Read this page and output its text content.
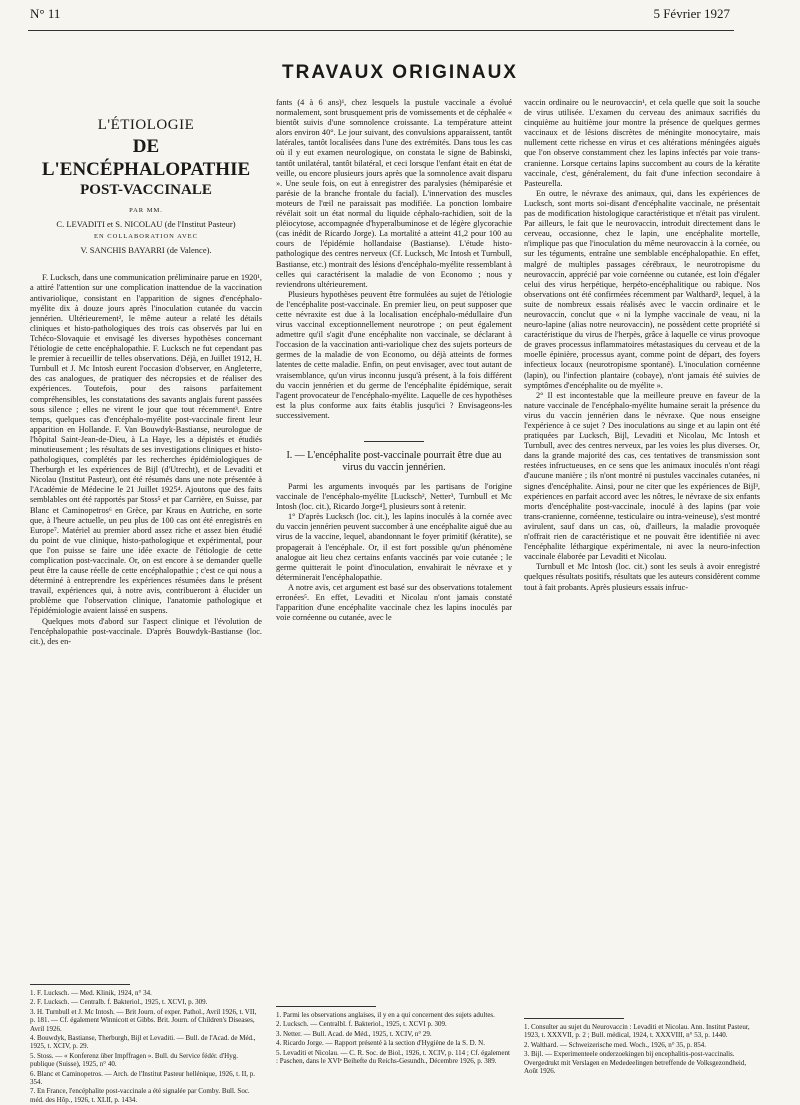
N° 11	5 Février 1927
TRAVAUX ORIGINAUX
L'ÉTIOLOGIE
DE L'ENCÉPHALOPATHIE
POST-VACCINALE
PAR MM.
C. LEVADITI et S. NICOLAU (de l'Institut Pasteur)
EN COLLABORATION AVEC
V. SANCHIS BAYARRI (de Valence).

F. Lucksch, dans une communication préliminaire parue en 1920¹, a attiré l'attention sur une complication inattendue de la vaccination antivariolique, consistant en l'apparition de signes d'encéphalo-myélite dix à douze jours après l'inoculation cutanée du vaccin jennérien. Ultérieurement², le même auteur a relaté les détails cliniques et histo-pathologiques des trois cas observés par lui en Tchéco-Slovaquie et envisagé les diverses hypothèses concernant l'étiologie de cette encéphalopathie. F. Lucksch ne fut cependant pas le premier à recueillir de telles observations. Déjà, en Juillet 1912, H. Turnbull et J. Mc Intosh eurent l'occasion d'observer, en Angleterre, des cas analogues, de pratiquer des nécropsies et de réaliser des expériences. Toutefois, pour des raisons parfaitement compréhensibles, les constatations des savants anglais furent passées sous silence ; elles ne virent le jour que tout récemment³. Entre temps, quelques cas d'encéphalo-myélite post-vaccinale firent leur apparition en Hollande. F. Van Bouwdyk-Bastianse, neurologue de l'hôpital Saint-Jean-de-Dieu, à La Haye, les a dépistés et étudiés minutieusement ; les résultats de ses investigations cliniques et histo-pathologiques, complétés par les recherches épidémiologiques de Therburgh et les expériences de Bijl (d'Utrecht), et de Levaditi et Nicolau (Institut Pasteur), ont été résumés dans une note présentée à l'Académie de Médecine le 21 Juillet 1925⁴. Ajoutons que des faits semblables ont été rapportés par Stoss⁵ et par Carrière, en Suisse, par Blanc et Caminopetros⁶ en Grèce, par Kraus en Autriche, en sorte que, à l'heure actuelle, un peu plus de 100 cas ont été enregistrés en Europe⁷. Matériel au premier abord assez riche et assez bien étudié du point de vue clinique, histo-pathologique et expérimental, pour que l'on puisse se faire une idée exacte de l'étiologie de cette complication post-vaccinale. Or, on est encore à se demander quelle peut être la cause réelle de cette encéphalopathie ; c'est ce qui nous a déterminé à entreprendre les expériences résumées dans le présent travail, expériences qui, à notre avis, contribueront à élucider un problème que l'observation clinique, l'anatomie pathologique et l'épidémiologie avaient laissé en suspens.

Quelques mots d'abord sur l'aspect clinique et l'évolution de l'encéphalopathie post-vaccinale. D'après Bouwdyk-Bastianse (loc. cit.), des en-

fants (4 à 6 ans)¹, chez lesquels la pustule vaccinale a évolué normalement, sont brusquement pris de vomissements et de céphalée « bientôt suivis d'une somnolence croissante. La température atteint alors environ 40°. Le jour suivant, des convulsions apparaissent, tantôt latérales, tantôt localisées dans l'une des extrémités. Dans tous les cas où il y eut examen neurologique, on constata le signe de Babinski, tantôt unilatéral, tantôt bilatéral, et ceci lorsque l'enfant était en état de veille, ou encore plusieurs jours après que la somnolence avait disparu ». Une seule fois, on eut à enregistrer des paralysies (hémiparésie et parésie de la branche frontale du facial). L'innervation des muscles moteurs de l'œil ne paraissait pas modifiée. La ponction lombaire révélait soit un état normal du liquide céphalo-rachidien, soit de la pléiocytose, accompagnée d'hyperalbuminose et de légère glycorachie (cas inédit de Ricardo Jorge). La mortalité a atteint 41,2 pour 100 au cours de l'épidémie hollandaise (Bastianse). L'étude histo-pathologique des centres nerveux (Cf. Lucksch, Mc Intosh et Turnbull, Bastianse, etc.) montrait des lésions d'encéphalo-myélite ressemblant à celles qui caractérisent la maladie de von Economo ; nous y reviendrons ultérieurement.

Plusieurs hypothèses peuvent être formulées au sujet de l'étiologie de l'encéphalite post-vaccinale. En premier lieu, on peut supposer que cette névraxite est due à la localisation encéphalo-médullaire d'un virus vaccinal exceptionnellement neurotrope ; on peut également admettre qu'il s'agit d'une encéphalite non vaccinale, se déclarant à l'occasion de la vaccination anti-variolique chez des sujets porteurs de germes de la maladie de von Economo, ou déjà atteints de formes latentes de cette maladie. Enfin, on peut envisager, avec tout autant de vraisemblance, qu'un virus inconnu jusqu'à présent, à la fois différent du vaccin jennérien et du germe de l'encéphalite épidémique, serait l'agent provocateur de l'encéphalo-myélite. Laquelle de ces hypothèses est la plus conforme aux faits établis jusqu'ici ? Envisageons-les successivement.

I. — L'encéphalite post-vaccinale pourrait être due au virus du vaccin jennérien.

Parmi les arguments invoqués par les partisans de l'origine vaccinale de l'encéphalo-myélite [Lucksch², Netter³, Turnbull et Mc Intosh (loc. cit.), Ricardo Jorge⁴], plusieurs sont à retenir.

1° D'après Lucksch (loc. cit.), les lapins inoculés à la cornée avec du vaccin jennérien peuvent succomber à une encéphalite aiguë due au virus de la vaccine, lequel, abandonnant le foyer primitif (kératite), se propagerait à l'encéphale. Or, il est fort possible qu'un phénomène analogue ait lieu chez certains enfants vaccinés par voie cutanée ; le germe quitterait le point d'inoculation, envahirait le névraxe et y déterminerait l'encéphalopathie.

A notre avis, cet argument est basé sur des observations totalement erronées⁵. En effet, Levaditi et Nicolau n'ont jamais constaté l'apparition d'une encéphalite vaccinale chez les lapins inoculés par voie cornéenne ou cutanée, avec le

vaccin ordinaire ou le neurovaccin¹, et cela quelle que soit la souche de virus utilisée. L'examen du cerveau des animaux sacrifiés du cinquième au huitième jour montre la présence de quelques germes vaccinaux et de lésions discrètes de méningite monocytaire, mais nullement cette richesse en virus et ces altérations méningées aiguës que l'on observe constamment chez les lapins infectés par voie trans-cranienne. Lorsque certains lapins succombent au cours de la kératite vaccinale, c'est, généralement, du fait d'une infection secondaire à Pasteurella.

En outre, le névraxe des animaux, qui, dans les expériences de Lucksch, sont morts soi-disant d'encéphalite vaccinale, ne présentait pas de modification histologique caractéristique et n'était pas virulent. Par ailleurs, le fait que le neurovaccin, introduit directement dans le cerveau, occasionne, chez le lapin, une encéphalite mortelle, n'implique pas que l'inoculation du même neurovaccin à la cornée, ou sur les téguments, entraîne une semblable encéphalopathie. En effet, malgré de multiples passages cérébraux, le neurotropisme du neurovaccin, apprécié par voie cornéenne ou cutanée, est loin d'égaler celui des virus herpétique, herpéto-encéphalitique ou rabique. Nos observations ont été confirmées récemment par Walthard², lequel, à la suite de nombreux essais réalisés avec le vaccin ordinaire et le neurovaccin, conclut que « ni la lymphe vaccinale de veau, ni la neuro-lapine (alias notre neurovaccin), ne possèdent cette propriété si caractéristique du virus de l'herpès, grâce à laquelle ce virus provoque de graves processus inflammatoires métastasiques du cerveau et de la moelle épinière, processus ayant, comme point de départ, des foyers infectieux locaux (neurotropisme spontané). L'inoculation cornéenne (lapin), ou l'infection plantaire (cobaye), n'ont jamais été suivies de symptômes d'encéphalite ou de myélite ».

2° Il est incontestable que la meilleure preuve en faveur de la nature vaccinale de l'encéphalo-myélite humaine serait la présence du virus du vaccin jennérien dans le névraxe. Que nous enseigne l'expérience à ce sujet ? Des inoculations au singe et au lapin ont été pratiquées par Lucksch, Bijl, Levaditi et Nicolau, Mc Intosh et Turnbull, avec des centres nerveux, par les voies les plus diverses. Or, dans la grande majorité des cas, ces tentatives de transmission sont restées infructueuses, en ce sens que les animaux inoculés n'ont réagi d'aucune manière ; ils n'ont montré ni pustules vaccinales cutanées, ni signes d'encéphalite. Ainsi, pour ne citer que les expériences de Bijl³, expériences en parfait accord avec les nôtres, le névraxe de six enfants morts d'encéphalite post-vaccinale, inoculé à des lapins (par voie trans-cranienne, cornéenne, testiculaire ou intra-veineuse), s'est montré avirulent, sauf dans un cas, où, d'ailleurs, la maladie provoquée n'offrait rien de caractéristique et ne pouvait être identifiée ni avec l'encéphalite léthargique expérimentale, ni avec la neuro-infection vaccinale élaborée par Levaditi et Nicolau.

Turnbull et Mc Intosh (loc. cit.) sont les seuls à avoir enregistré quelques résultats positifs, résultats que les auteurs considèrent comme tout à fait probants. Après plusieurs essais infruc-

1. F. Lucksch. — Med. Klinik, 1924, n° 34.
2. F. Lucksch. — Centralb. f. Bakteriol., 1925, t. XCVI, p. 309.
3. H. Turnbull et J. Mc Intosh. — Brit Journ. of exper. Pathol., Avril 1926, t. VII, p. 181. — Cf. également Winnicott et Gibbs. Brit. Journ. of Children's Diseases, Avril 1926.
4. Bouwdyk, Bastianse, Therburgh, Bijl et Levaditi. — Bull. de l'Acad. de Méd., 1925, t. XCIV, p. 29.
5. Stoss. — « Konferenz über Impffragen ». Bull. du Service fédér. d'Hyg. publique (Suisse), 1925, n° 40.
6. Blanc et Caminopetros. — Arch. de l'Institut Pasteur hellénique, 1926, t. II, p. 354.
7. En France, l'encéphalite post-vaccinale a été signalée par Comby. Bull. Soc. méd. des Hôp., 1926, t. XLII, p. 1434.
1. Parmi les observations anglaises, il y en a qui concernent des sujets adultes.
2. Lucksch. — Centralbl. f. Bakteriol., 1925, t. XCVI p. 309.
3. Netter. — Bull. Acad. de Méd., 1925, t. XCIV, n° 29.
4. Ricardo Jorge. — Rapport présenté à la section d'Hygiène de la S. D. N.
5. Levaditi et Nicolau. — C. R. Soc. de Biol., 1926, t. XCIV, p. 114 ; Cf. également : Paschen, dans le XVIᵉ Beihefte du Reichs-Gesundh., Décembre 1926, p. 389.
1. Consulter au sujet du Neurovaccin : Levaditi et Nicolau. Ann. Institut Pasteur, 1923, t. XXXVII, p. 2 ; Bull. médical, 1924, t. XXXVIII, n° 53, p. 1440.
2. Walthard. — Schweizerische med. Woch., 1926, n° 35, p. 854.
3. Bijl. — Experimenteele onderzoekingen bij encephalitis-post-vaccinalis. Overgedrukt mit Verslagen en Mededeelingen betreffende de Volksgezondheid, Août 1926.
